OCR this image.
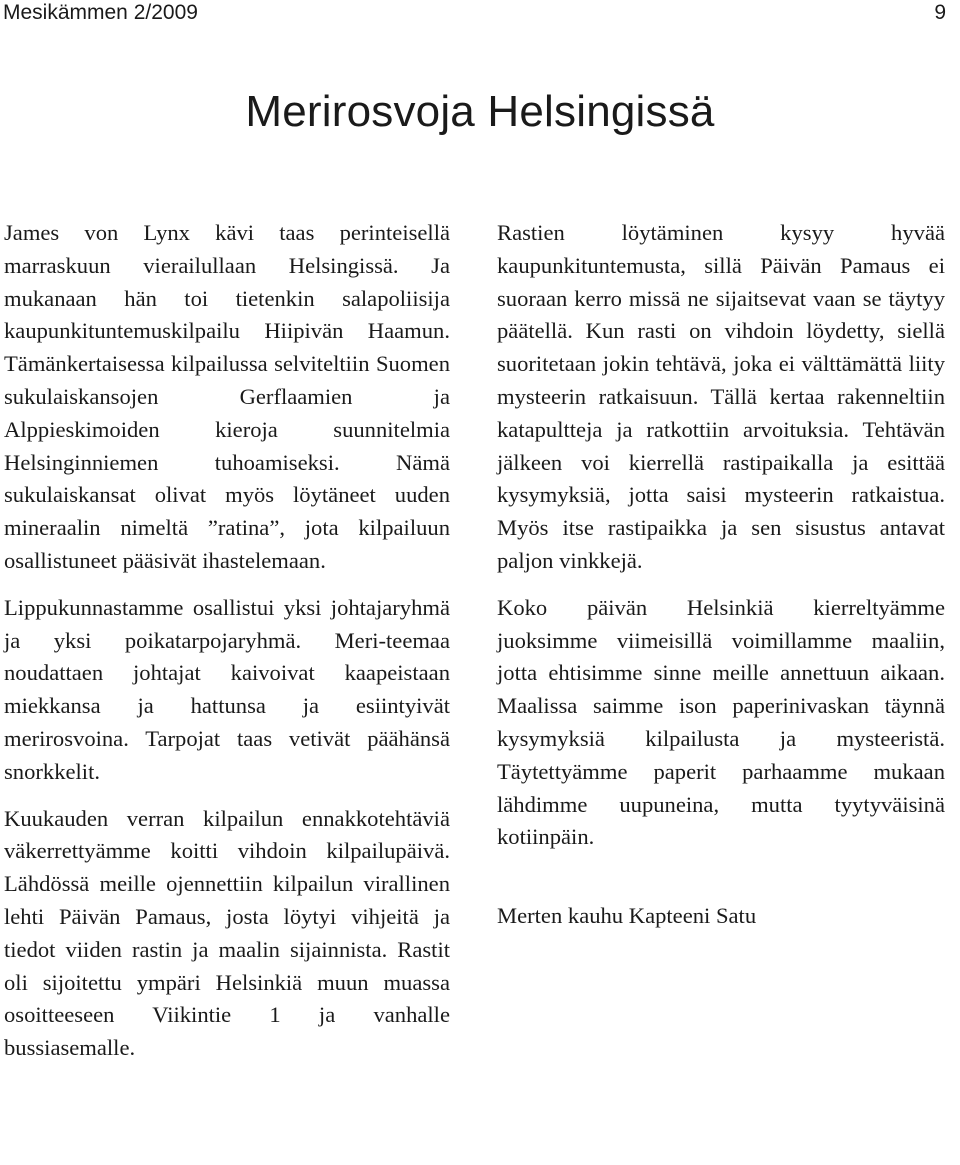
Mesikämmen 2/2009	9
Merirosvoja Helsingissä

James von Lynx kävi taas perinteisellä marraskuun vierailullaan Helsingissä. Ja mukanaan hän toi tietenkin salapoliisija kaupunkituntemuskilpailu Hiipivän Haamun. Tämänkertaisessa kilpailussa selviteltiin Suomen sukulaiskansojen Gerflaamien ja Alppieskimoiden kieroja suunnitelmia Helsinginniemen tuhoamiseksi. Nämä sukulaiskansat olivat myös löytäneet uuden mineraalin nimeltä ”ratina”, jota kilpailuun osallistuneet pääsivät ihastelemaan.

Lippukunnastamme osallistui yksi johtajaryhmä ja yksi poikatarpojaryhmä. Meri-teemaa noudattaen johtajat kaivoivat kaapeistaan miekkansa ja hattunsa ja esiintyivät merirosvoina. Tarpojat taas vetivät päähänsä snorkkelit.

Kuukauden verran kilpailun ennakkotehtäviä väkerrettyämme koitti vihdoin kilpailupäivä. Lähdössä meille ojennettiin kilpailun virallinen lehti Päivän Pamaus, josta löytyi vihjeitä ja tiedot viiden rastin ja maalin sijainnista. Rastit oli sijoitettu ympäri Helsinkiä muun muassa osoitteeseen Viikintie 1 ja vanhalle bussiasemalle.

Rastien löytäminen kysyy hyvää kaupunkituntemusta, sillä Päivän Pamaus ei suoraan kerro missä ne sijaitsevat vaan se täytyy päätellä. Kun rasti on vihdoin löydetty, siellä suoritetaan jokin tehtävä, joka ei välttämättä liity mysteerin ratkaisuun. Tällä kertaa rakenneltiin katapultteja ja ratkottiin arvoituksia. Tehtävän jälkeen voi kierrellä rastipaikalla ja esittää kysymyksiä, jotta saisi mysteerin ratkaistua. Myös itse rastipaikka ja sen sisustus antavat paljon vinkkejä.

Koko päivän Helsinkiä kierreltyämme juoksimme viimeisillä voimillamme maaliin, jotta ehtisimme sinne meille annettuun aikaan. Maalissa saimme ison paperinivaskan täynnä kysymyksiä kilpailusta ja mysteeristä. Täytettyämme paperit parhaamme mukaan lähdimme uupuneina, mutta tyytyväisinä kotiinpäin.

Merten kauhu Kapteeni Satu
